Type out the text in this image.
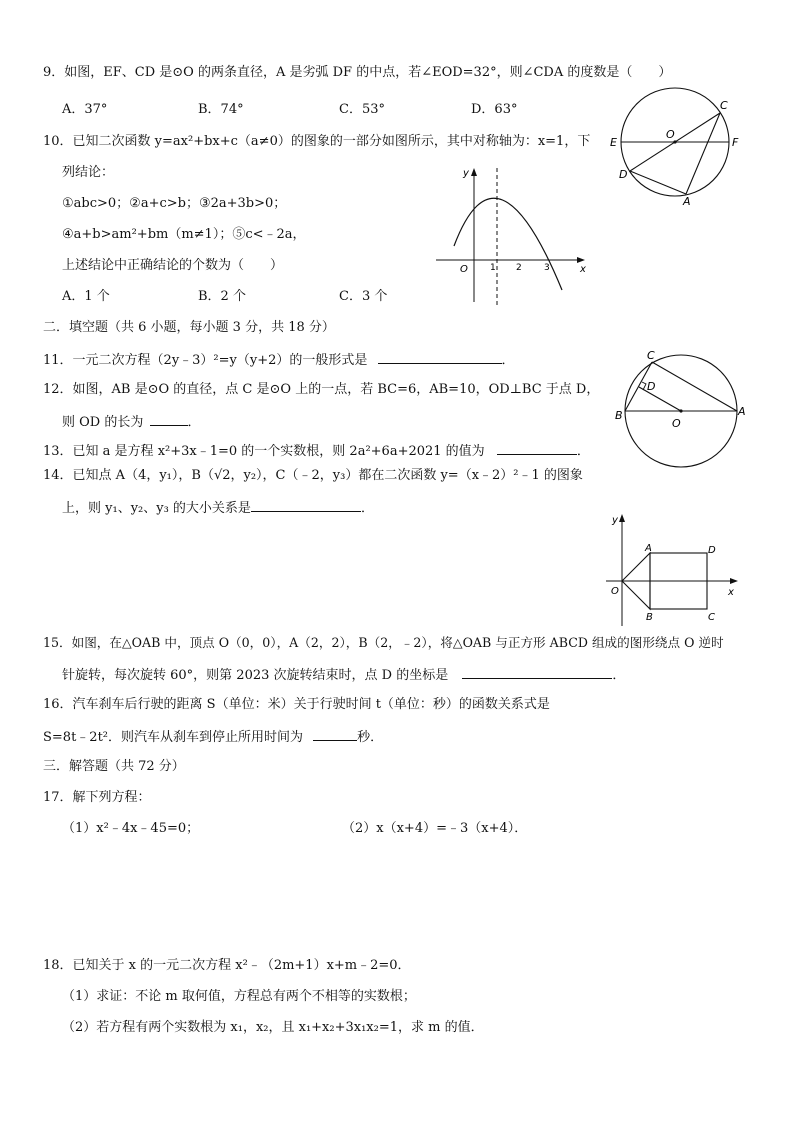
9．如图，EF、CD 是⊙O 的两条直径，A 是劣弧 DF 的中点，若∠EOD=32°，则∠CDA 的度数是（　　）
A．37°	B．74°	C．53°	D．63°
E	F
O
C
D
A
10．已知二次函数 y=ax²+bx+c（a≠0）的图象的一部分如图所示，其中对称轴为：x=1，下
列结论：
①abc>0；②a+c>b；③2a+3b>0；
④a+b>am²+bm（m≠1）；⑤c<﹣2a，
上述结论中正确结论的个数为（　　）
A．1 个	B．2 个	C．3 个
x
y
O 1 2 3
二．填空题（共 6 小题，每小题 3 分，共 18 分）
11．一元二次方程（2y﹣3）²=y（y+2）的一般形式是	．
12．如图，AB 是⊙O 的直径，点 C 是⊙O 上的一点，若 BC=6，AB=10，OD⊥BC 于点 D，
则 OD 的长为	．
C
D
B
O
A
13．已知 a 是方程 x²+3x﹣1=0 的一个实数根，则 2a²+6a+2021 的值为	．
14．已知点 A（4，y₁），B（√2，y₂），C（﹣2，y₃）都在二次函数 y=（x﹣2）²﹣1 的图象
上，则 y₁、y₂、y₃ 的大小关系是	．
y
x
O
A
B	C
D
15．如图，在△OAB 中，顶点 O（0，0），A（2，2），B（2，﹣2），将△OAB 与正方形 ABCD 组成的图形绕点 O 逆时
针旋转，每次旋转 60°，则第 2023 次旋转结束时，点 D 的坐标是	．
16．汽车刹车后行驶的距离 S（单位：米）关于行驶时间 t（单位：秒）的函数关系式是
S=8t﹣2t²．则汽车从刹车到停止所用时间为	秒．
三．解答题（共 72 分）
17．解下列方程：
（1）x²﹣4x﹣45=0；	（2）x（x+4）=﹣3（x+4）．
18．已知关于 x 的一元二次方程 x²﹣（2m+1）x+m﹣2=0．
（1）求证：不论 m 取何值，方程总有两个不相等的实数根；
（2）若方程有两个实数根为 x₁，x₂，且 x₁+x₂+3x₁x₂=1，求 m 的值．
